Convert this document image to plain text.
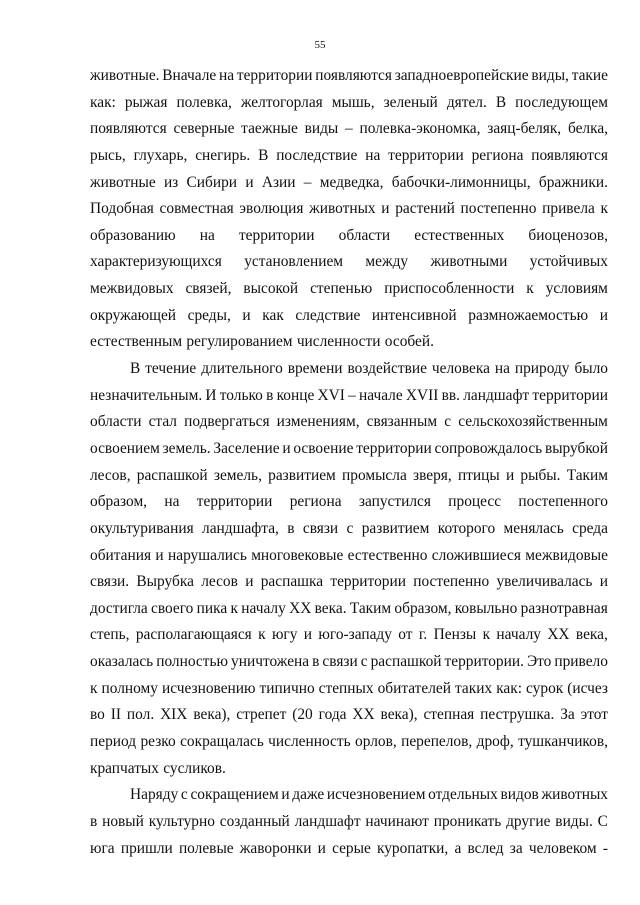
55
животные. Вначале на территории появляются западноевропейские виды, такие
как: рыжая полевка, желтогорлая мышь, зеленый дятел. В последующем
появляются северные таежные виды – полевка-экономка, заяц-беляк, белка,
рысь, глухарь, снегирь. В последствие на территории региона появляются
животные из Сибири и Азии – медведка, бабочки-лимонницы, бражники.
Подобная совместная эволюция животных и растений постепенно привела к
образованию на территории области естественных биоценозов,
характеризующихся установлением между животными устойчивых
межвидовых связей, высокой степенью приспособленности к условиям
окружающей среды, и как следствие интенсивной размножаемостью и
естественным регулированием численности особей.
В течение длительного времени воздействие человека на природу было
незначительным. И только в конце XVI – начале XVII вв. ландшафт территории
области стал подвергаться изменениям, связанным с сельскохозяйственным
освоением земель. Заселение и освоение территории сопровождалось вырубкой
лесов, распашкой земель, развитием промысла зверя, птицы и рыбы. Таким
образом, на территории региона запустился процесс постепенного
окультуривания ландшафта, в связи с развитием которого менялась среда
обитания и нарушались многовековые естественно сложившиеся межвидовые
связи. Вырубка лесов и распашка территории постепенно увеличивалась и
достигла своего пика к началу XX века. Таким образом, ковыльно разнотравная
степь, располагающаяся к югу и юго-западу от г. Пензы к началу XX века,
оказалась полностью уничтожена в связи с распашкой территории. Это привело
к полному исчезновению типично степных обитателей таких как: сурок (исчез
во II пол. XIX века), стрепет (20 года XX века), степная пеструшка. За этот
период резко сокращалась численность орлов, перепелов, дроф, тушканчиков,
крапчатых сусликов.
Наряду с сокращением и даже исчезновением отдельных видов животных
в новый культурно созданный ландшафт начинают проникать другие виды. С
юга пришли полевые жаворонки и серые куропатки, а вслед за человеком -
